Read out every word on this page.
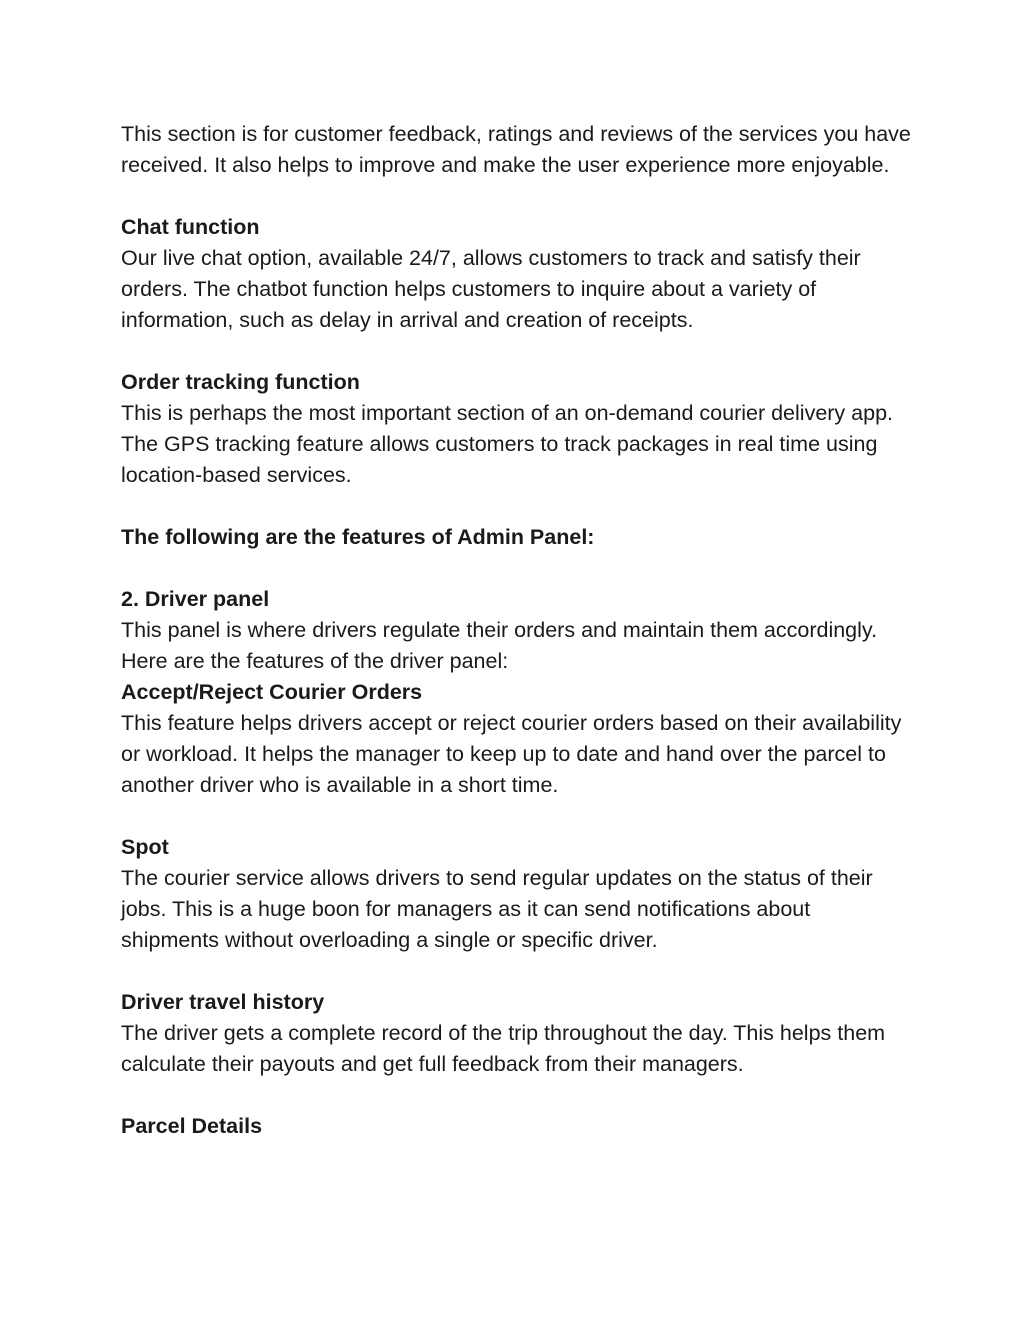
This section is for customer feedback, ratings and reviews of the services you have received. It also helps to improve and make the user experience more enjoyable.

Chat function

Our live chat option, available 24/7, allows customers to track and satisfy their orders. The chatbot function helps customers to inquire about a variety of information, such as delay in arrival and creation of receipts.

Order tracking function

This is perhaps the most important section of an on-demand courier delivery app. The GPS tracking feature allows customers to track packages in real time using location-based services.

The following are the features of Admin Panel:

2. Driver panel

This panel is where drivers regulate their orders and maintain them accordingly. Here are the features of the driver panel:

Accept/Reject Courier Orders

This feature helps drivers accept or reject courier orders based on their availability or workload. It helps the manager to keep up to date and hand over the parcel to another driver who is available in a short time.

Spot

The courier service allows drivers to send regular updates on the status of their jobs. This is a huge boon for managers as it can send notifications about shipments without overloading a single or specific driver.

Driver travel history

The driver gets a complete record of the trip throughout the day. This helps them calculate their payouts and get full feedback from their managers.

Parcel Details
